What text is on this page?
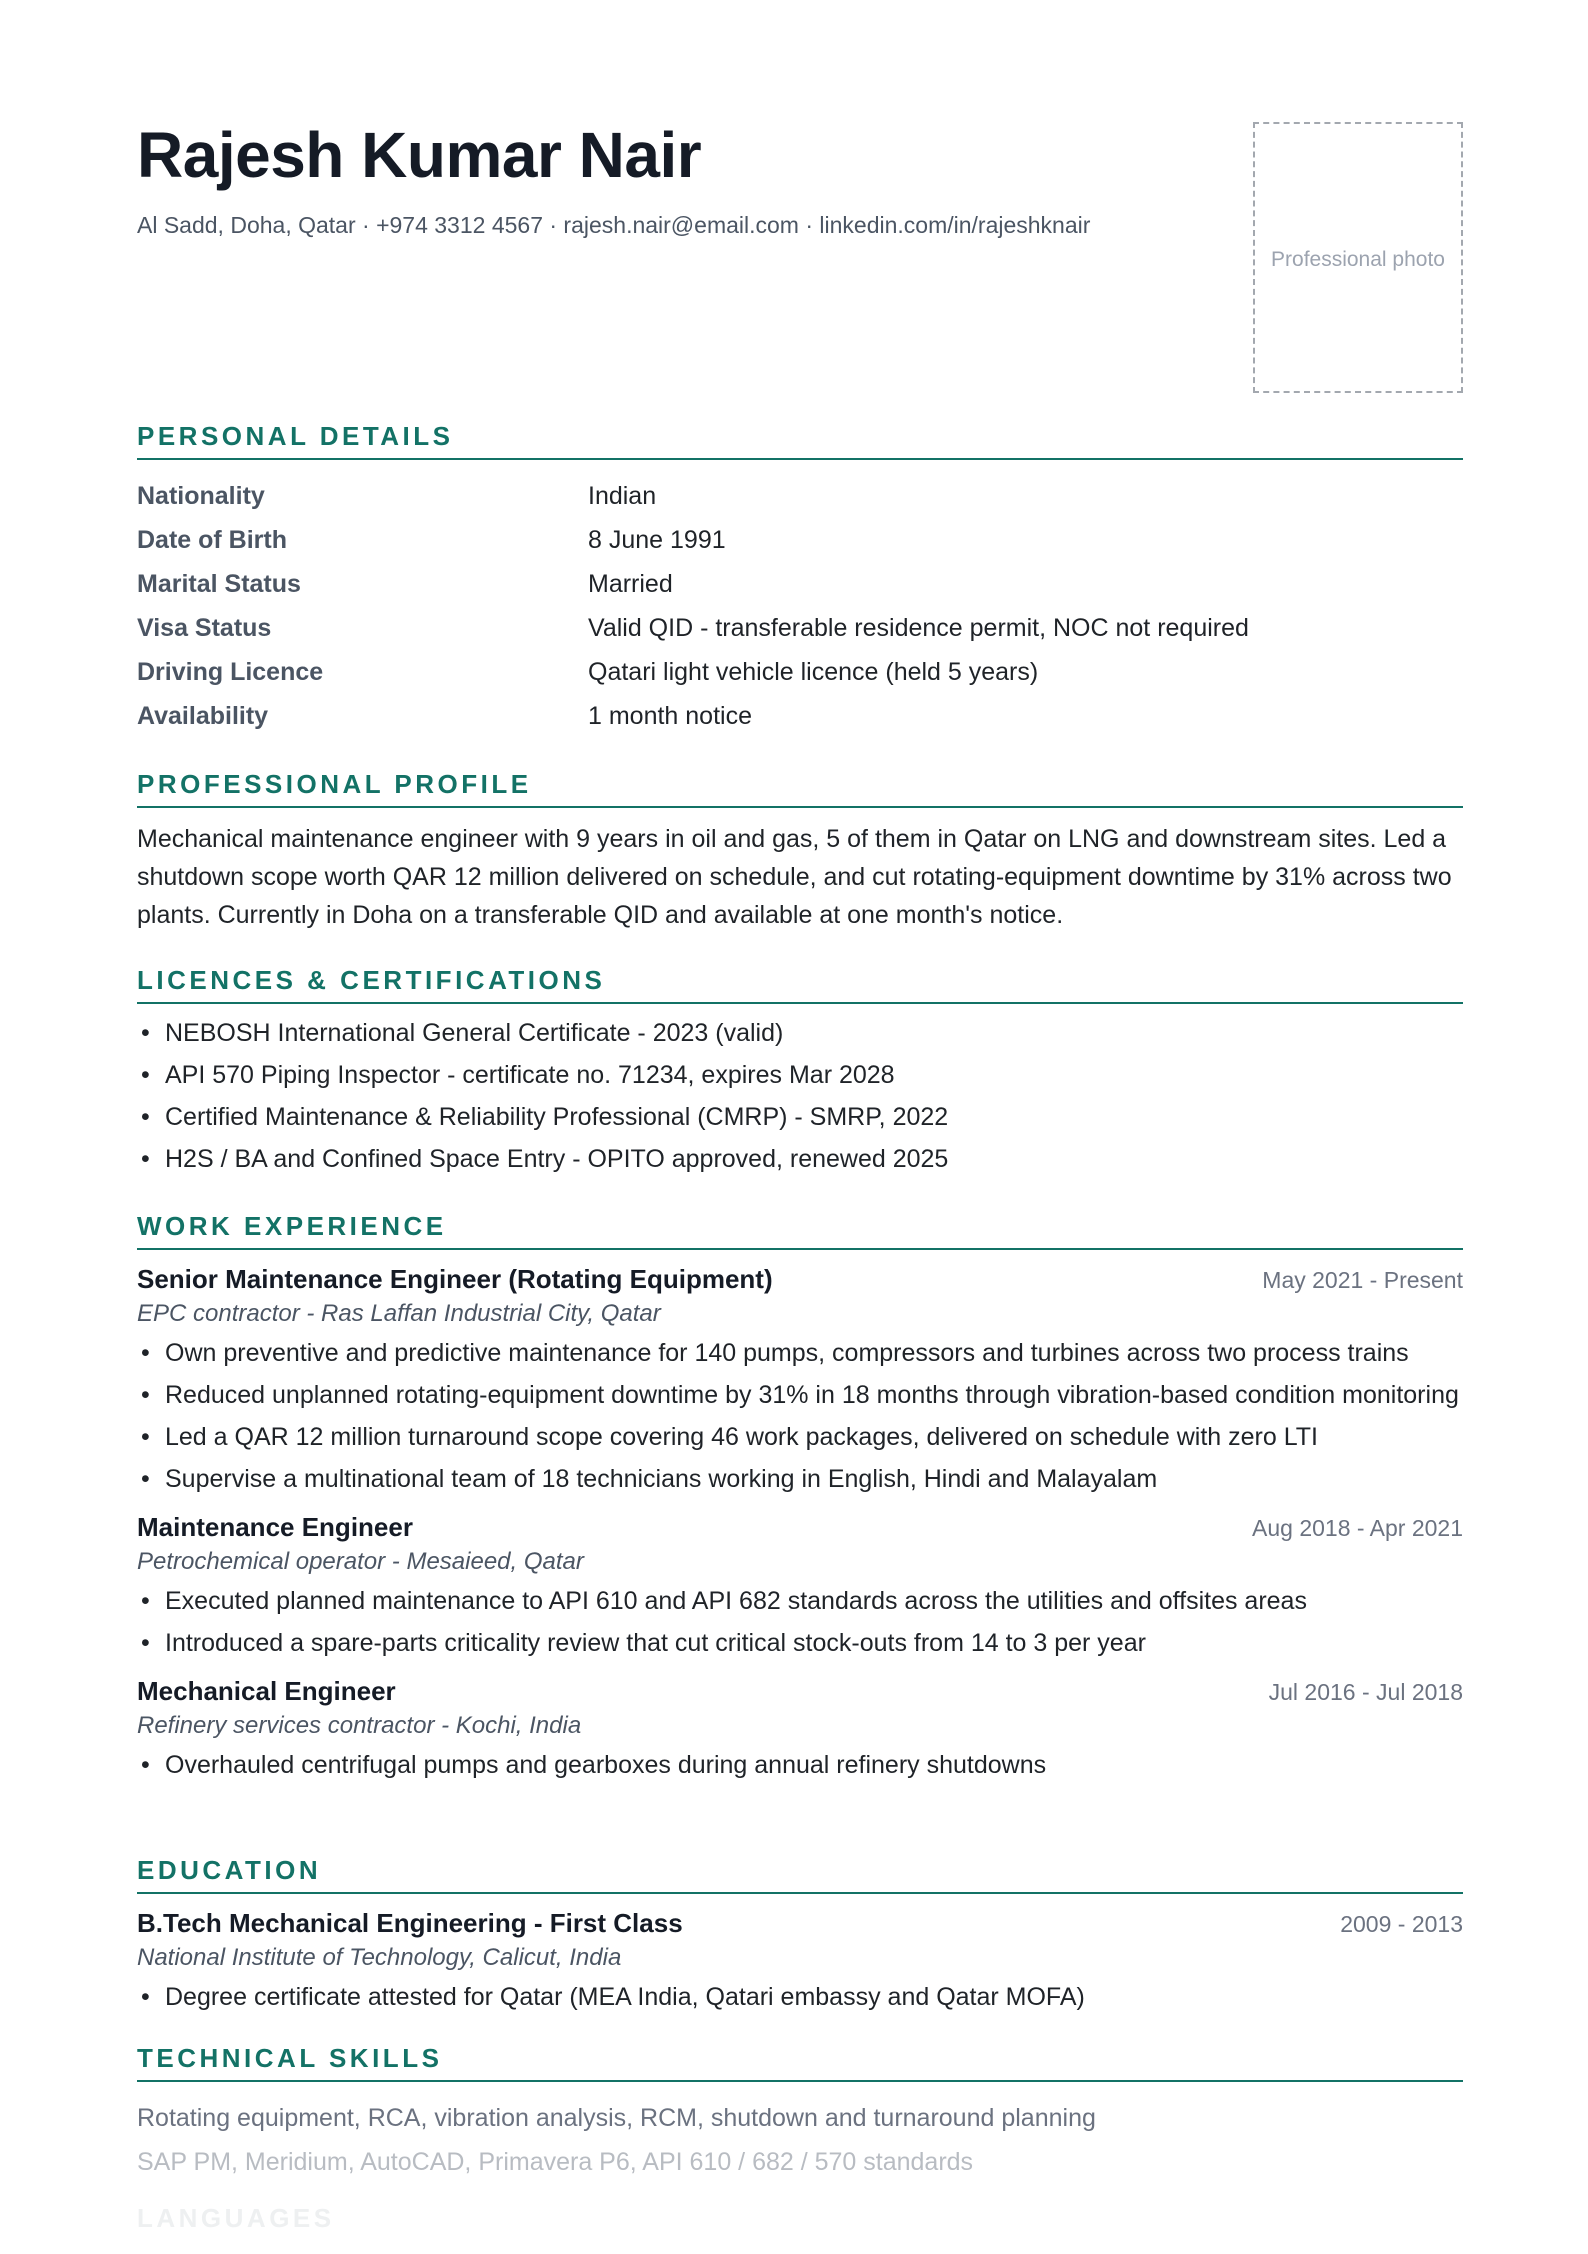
Rajesh Kumar Nair
Al Sadd, Doha, Qatar · +974 3312 4567 · rajesh.nair@email.com · linkedin.com/in/rajeshknair
Professional photo
PERSONAL DETAILS
Nationality	Indian
Date of Birth	8 June 1991
Marital Status	Married
Visa Status	Valid QID - transferable residence permit, NOC not required
Driving Licence	Qatari light vehicle licence (held 5 years)
Availability	1 month notice
PROFESSIONAL PROFILE

Mechanical maintenance engineer with 9 years in oil and gas, 5 of them in Qatar on LNG and downstream sites. Led a shutdown scope worth QAR 12 million delivered on schedule, and cut rotating-equipment downtime by 31% across two plants. Currently in Doha on a transferable QID and available at one month's notice.

LICENCES & CERTIFICATIONS
• NEBOSH International General Certificate - 2023 (valid)
• API 570 Piping Inspector - certificate no. 71234, expires Mar 2028
• Certified Maintenance & Reliability Professional (CMRP) - SMRP, 2022
• H2S / BA and Confined Space Entry - OPITO approved, renewed 2025
WORK EXPERIENCE
Senior Maintenance Engineer (Rotating Equipment)	May 2021 - Present
EPC contractor - Ras Laffan Industrial City, Qatar
• Own preventive and predictive maintenance for 140 pumps, compressors and turbines across two process trains
• Reduced unplanned rotating-equipment downtime by 31% in 18 months through vibration-based condition monitoring
• Led a QAR 12 million turnaround scope covering 46 work packages, delivered on schedule with zero LTI
• Supervise a multinational team of 18 technicians working in English, Hindi and Malayalam
Maintenance Engineer	Aug 2018 - Apr 2021
Petrochemical operator - Mesaieed, Qatar
• Executed planned maintenance to API 610 and API 682 standards across the utilities and offsites areas
• Introduced a spare-parts criticality review that cut critical stock-outs from 14 to 3 per year
Mechanical Engineer	Jul 2016 - Jul 2018
Refinery services contractor - Kochi, India
• Overhauled centrifugal pumps and gearboxes during annual refinery shutdowns
EDUCATION
B.Tech Mechanical Engineering - First Class	2009 - 2013
National Institute of Technology, Calicut, India
• Degree certificate attested for Qatar (MEA India, Qatari embassy and Qatar MOFA)
TECHNICAL SKILLS
Rotating equipment, RCA, vibration analysis, RCM, shutdown and turnaround planning
SAP PM, Meridium, AutoCAD, Primavera P6, API 610 / 682 / 570 standards
LANGUAGES
